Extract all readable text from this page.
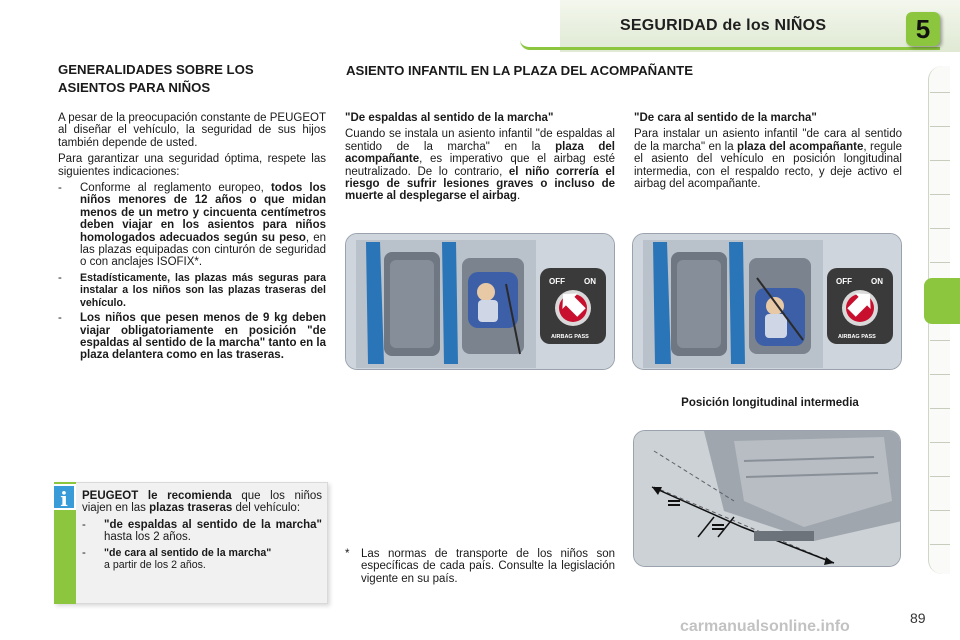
SEGURIDAD de los NIÑOS	5
GENERALIDADES SOBRE LOS
ASIENTOS PARA NIÑOS

A pesar de la preocupación constante de PEUGEOT al diseñar el vehículo, la seguridad de sus hijos también depende de usted.

Para garantizar una seguridad óptima, respete las siguientes indicaciones:

-	Conforme al reglamento europeo, todos los niños menores de 12 años o que midan menos de un metro y cincuenta centímetros deben viajar en los asientos para niños homologados adecuados según su peso, en las plazas equipadas con cinturón de seguridad o con anclajes ISOFIX*.
-	Estadísticamente, las plazas más seguras para instalar a los niños son las plazas traseras del vehículo.
-	Los niños que pesen menos de 9 kg deben viajar obligatoriamente en posición "de espaldas al sentido de la marcha" tanto en la plaza delantera como en las traseras.
i	PEUGEOT le recomienda que los niños viajen en las plazas traseras del vehículo:

-	"de espaldas al sentido de la marcha" hasta los 2 años.
-	"de cara al sentido de la marcha"
a partir de los 2 años.
ASIENTO INFANTIL EN LA PLAZA DEL ACOMPAÑANTE

"De espaldas al sentido de la marcha"

Cuando se instala un asiento infantil "de espaldas al sentido de la marcha" en la plaza del acompañante, es imperativo que el airbag esté neutralizado. De lo contrario, el niño correría el riesgo de sufrir lesiones graves o incluso de muerte al desplegarse el airbag.

"De cara al sentido de la marcha"

Para instalar un asiento infantil "de cara al sentido de la marcha" en la plaza del acompañante, regule el asiento del vehículo en posición longitudinal intermedia, con el respaldo recto, y deje activo el airbag del acompañante.

OFF ON
AIRBAG PASS
OFF ON
AIRBAG PASS
Posición longitudinal intermedia
*	Las normas de transporte de los niños son específicas de cada país. Consulte la legislación vigente en su país.
89
carmanualsonline.info
